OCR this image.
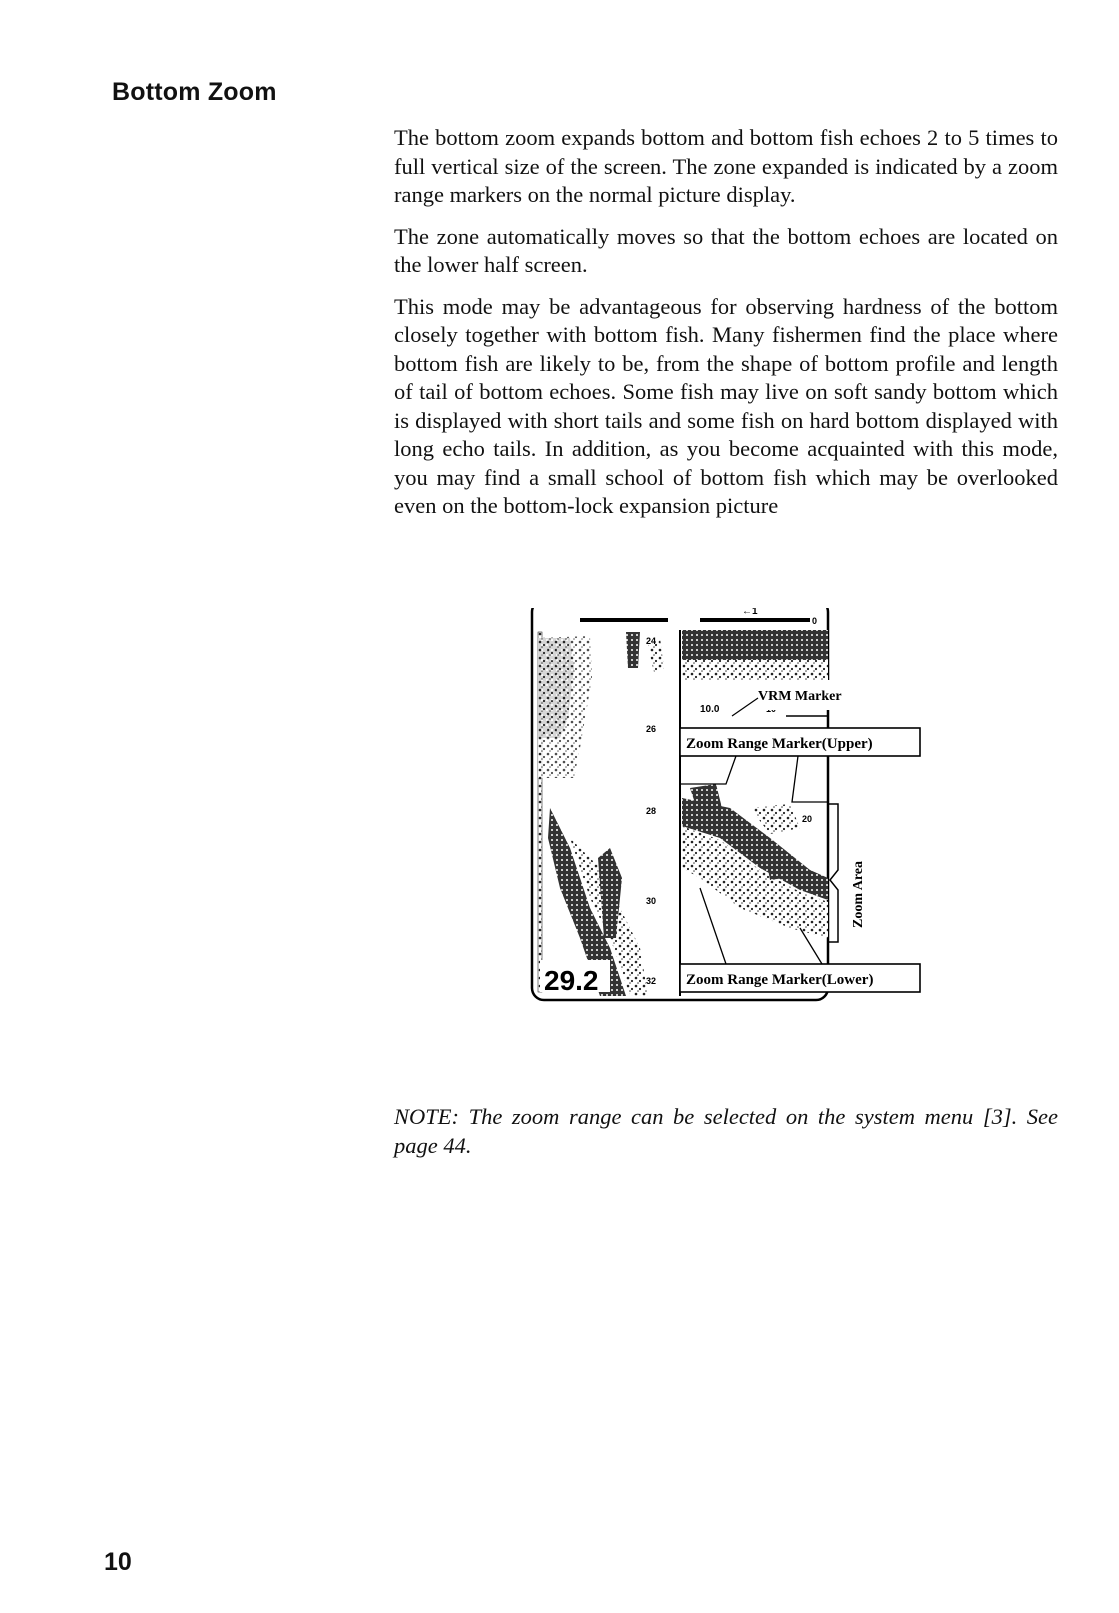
Bottom Zoom

The bottom zoom expands bottom and bottom fish echoes 2 to 5 times to full vertical size of the screen. The zone expanded is indicated by a zoom range markers on the normal picture display.

The zone automatically moves so that the bottom echoes are located on the lower half screen.

This mode may be advantageous for observing hardness of the bottom closely together with bottom fish. Many fishermen find the place where bottom fish are likely to be, from the shape of bottom profile and length of tail of bottom echoes. Some fish may live on soft sandy bottom which is displayed with short tails and some fish on hard bottom displayed with long echo tails. In addition, as you become acquainted with this mode, you may find a small school of bottom fish which may be overlooked even on the bottom-lock expansion picture

←1
0
24
26
28
30
32
29.2
20
10.0
VRM Marker
Zoom Range Marker(Upper)
Zoom Area
Zoom Range Marker(Lower)

NOTE: The zoom range can be selected on the system menu [3]. See page 44.

10
